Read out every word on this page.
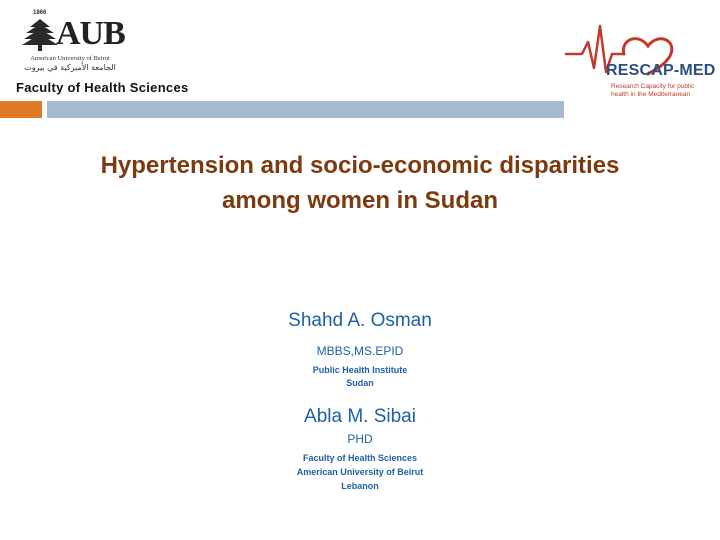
1866
AUB
American University of Beirut
الجامعة الأميركية في بيروت
Faculty of Health Sciences
RESCAP-MED
Research Capacity for public
health in the Mediterranean
Hypertension and socio-economic disparities
among women in Sudan
Shahd A. Osman
MBBS,MS.EPID
Public Health Institute
Sudan
Abla M. Sibai
PHD
Faculty of Health Sciences
American University of Beirut
Lebanon
